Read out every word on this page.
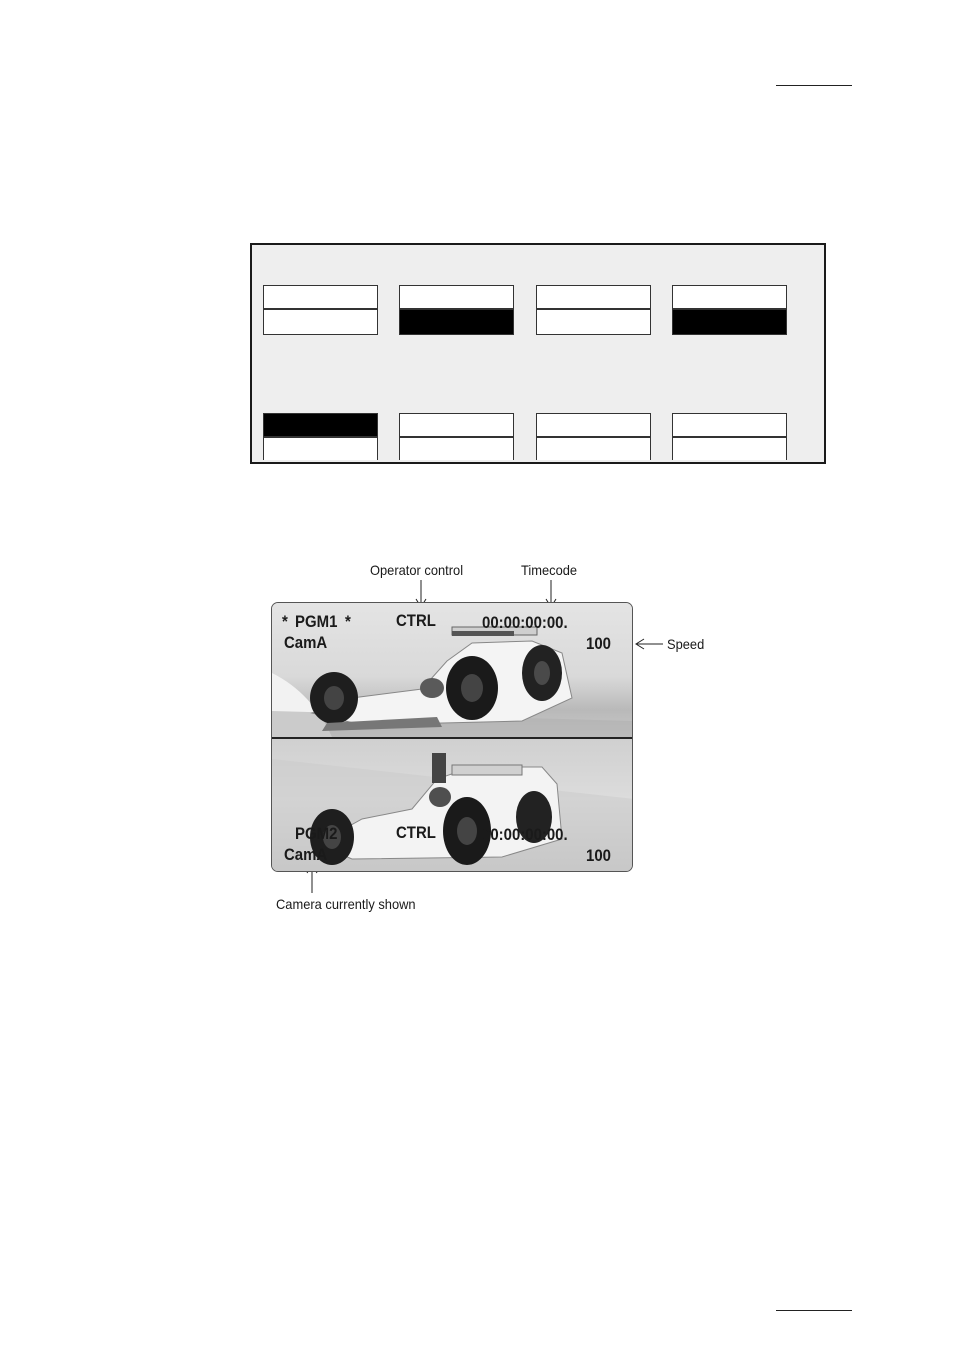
Operator control	Timecode
Speed
Camera currently shown
* PGM1 *
CamA
CTRL	00:00:00:00.
100
PGM2
CamA
CTRL	00:00:00:00.
100
